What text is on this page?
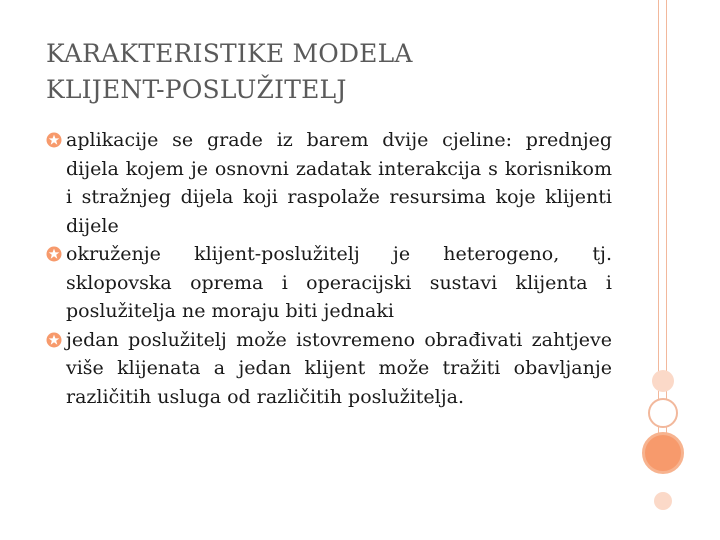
KARAKTERISTIKE MODELA
KLIJENT-POSLUŽITELJ

aplikacije se grade iz barem dvije cjeline: prednjeg dijela kojem je osnovni zadatak interakcija s korisnikom i stražnjeg dijela koji raspolaže resursima koje klijenti dijele

okruženje klijent-poslužitelj je heterogeno, tj. sklopovska oprema i operacijski sustavi klijenta i poslužitelja ne moraju biti jednaki

jedan poslužitelj može istovremeno obrađivati zahtjeve više klijenata a jedan klijent može tražiti obavljanje različitih usluga od različitih poslužitelja.
